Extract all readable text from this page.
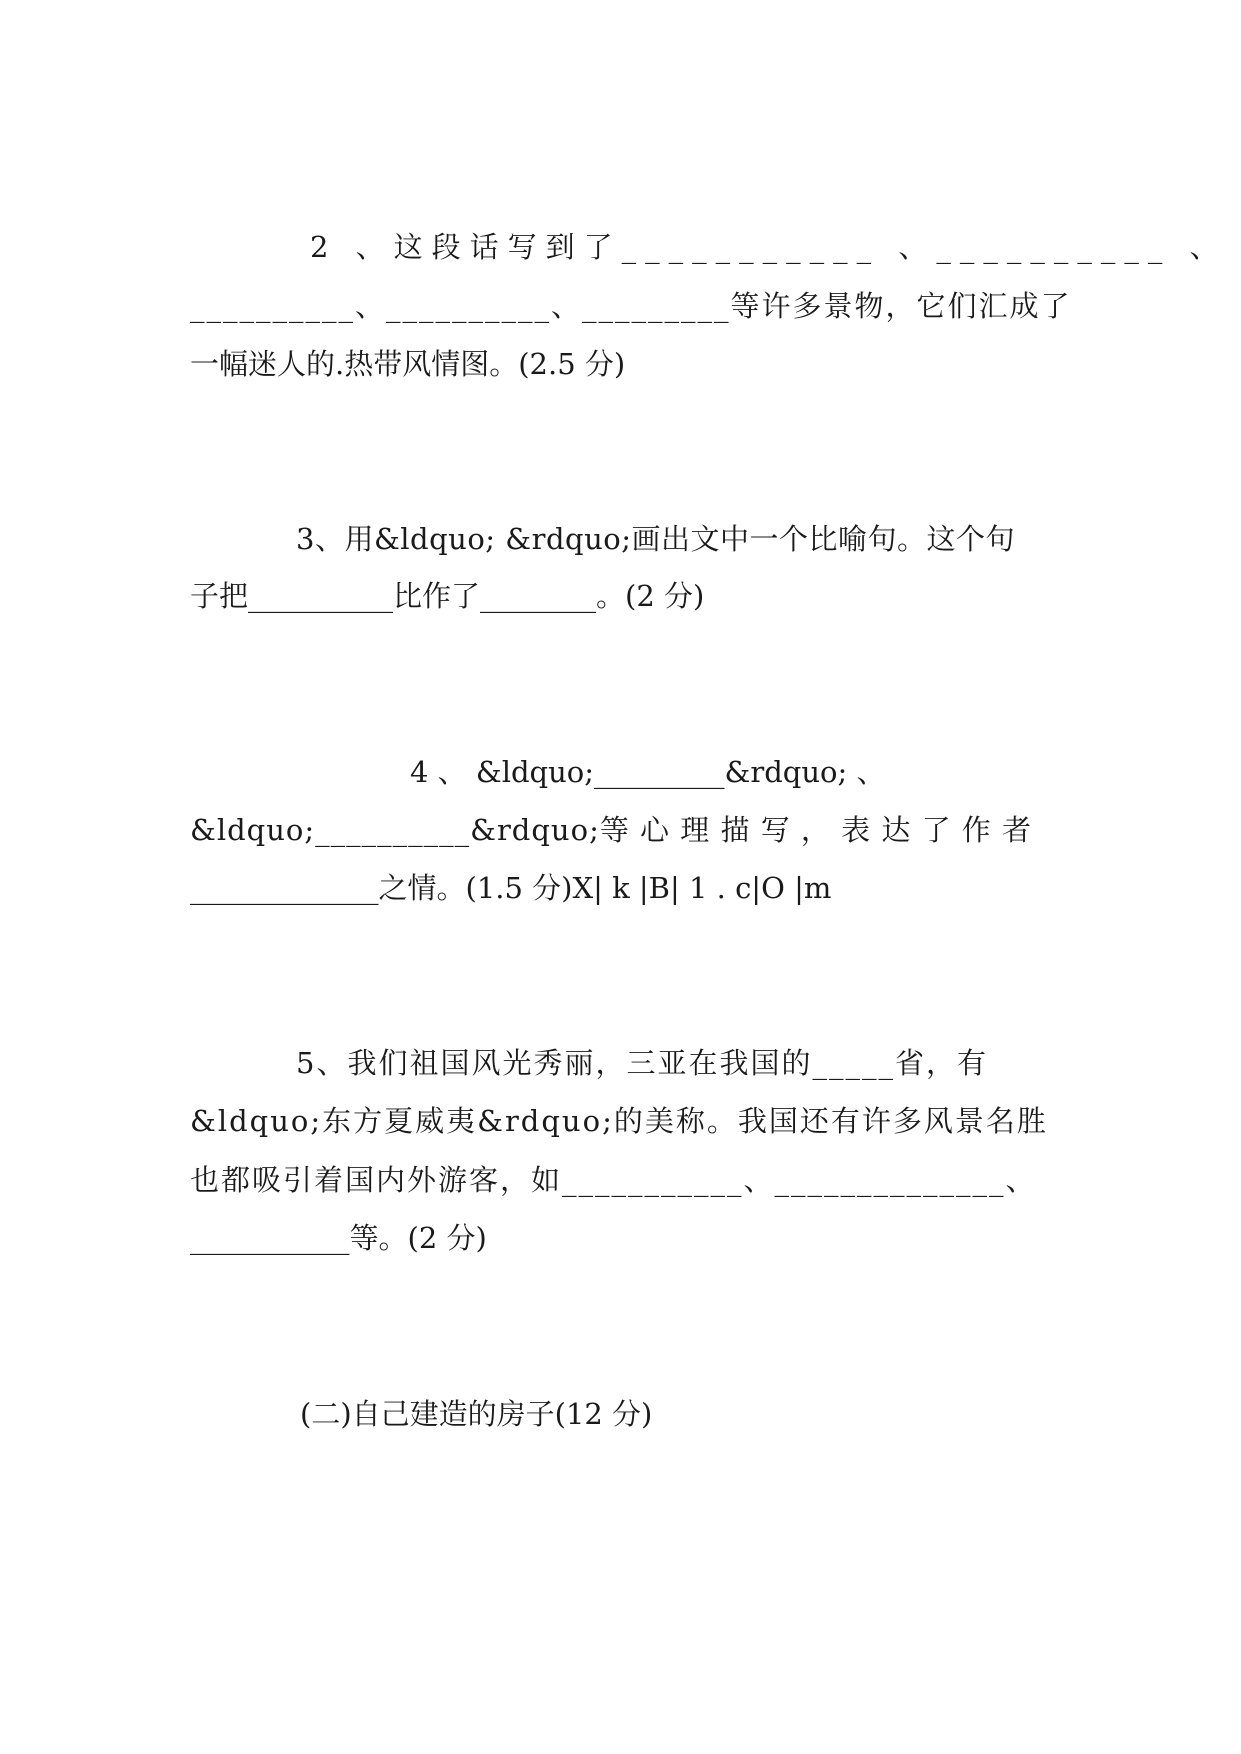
2 、这段话写到了___________ 、__________ 、
__________、__________、_________等许多景物，它们汇成了
一幅迷人的.热带风情图。(2.5 分)
3、用&ldquo; &rdquo;画出文中一个比喻句。这个句
子把__________比作了________。(2 分)
4 、 &ldquo;_________&rdquo; 、
&ldquo;__________&rdquo;等 心 理 描 写 ， 表 达 了 作 者
_____________之情。(1.5 分)X| k |B| 1 . c|O |m
5、我们祖国风光秀丽，三亚在我国的_____省，有
&ldquo;东方夏威夷&rdquo;的美称。我国还有许多风景名胜
也都吸引着国内外游客，如___________、______________、
___________等。(2 分)
(二)自己建造的房子(12 分)
